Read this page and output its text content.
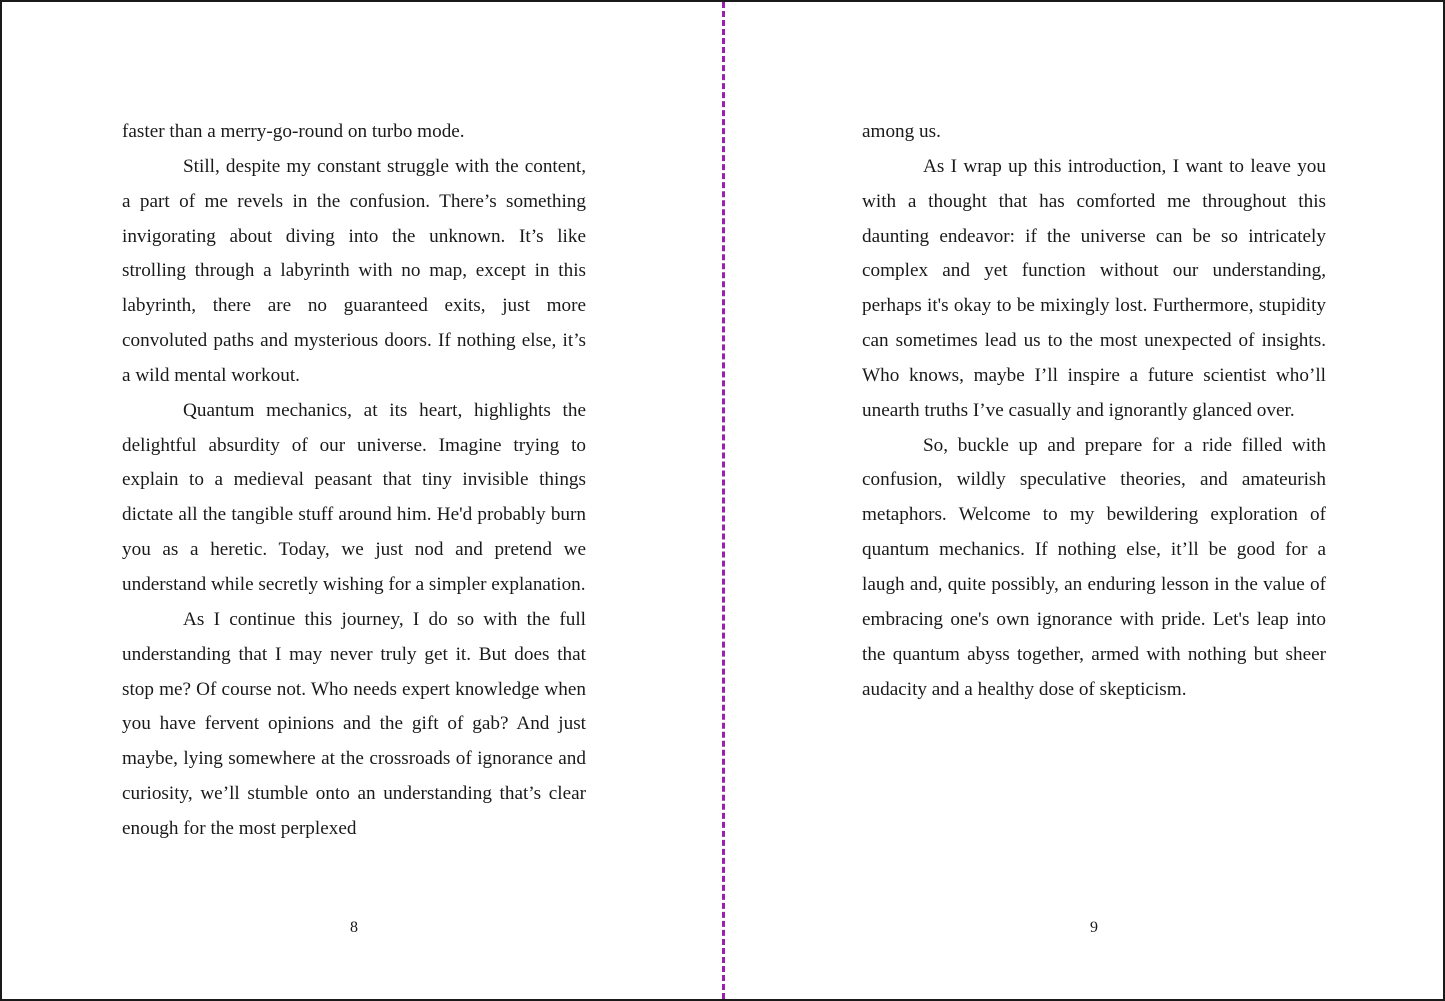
faster than a merry-go-round on turbo mode.

Still, despite my constant struggle with the content, a part of me revels in the confusion. There’s something invigorating about diving into the unknown. It’s like strolling through a labyrinth with no map, except in this labyrinth, there are no guaranteed exits, just more convoluted paths and mysterious doors. If nothing else, it’s a wild mental workout.

Quantum mechanics, at its heart, highlights the delightful absurdity of our universe. Imagine trying to explain to a medieval peasant that tiny invisible things dictate all the tangible stuff around him. He'd probably burn you as a heretic. Today, we just nod and pretend we understand while secretly wishing for a simpler explanation.

As I continue this journey, I do so with the full understanding that I may never truly get it. But does that stop me? Of course not. Who needs expert knowledge when you have fervent opinions and the gift of gab? And just maybe, lying somewhere at the crossroads of ignorance and curiosity, we’ll stumble onto an understanding that’s clear enough for the most perplexed

8

among us.

As I wrap up this introduction, I want to leave you with a thought that has comforted me throughout this daunting endeavor: if the universe can be so intricately complex and yet function without our understanding, perhaps it's okay to be mixingly lost. Furthermore, stupidity can sometimes lead us to the most unexpected of insights. Who knows, maybe I’ll inspire a future scientist who’ll unearth truths I’ve casually and ignorantly glanced over.

So, buckle up and prepare for a ride filled with confusion, wildly speculative theories, and amateurish metaphors. Welcome to my bewildering exploration of quantum mechanics. If nothing else, it’ll be good for a laugh and, quite possibly, an enduring lesson in the value of embracing one's own ignorance with pride. Let's leap into the quantum abyss together, armed with nothing but sheer audacity and a healthy dose of skepticism.

9
